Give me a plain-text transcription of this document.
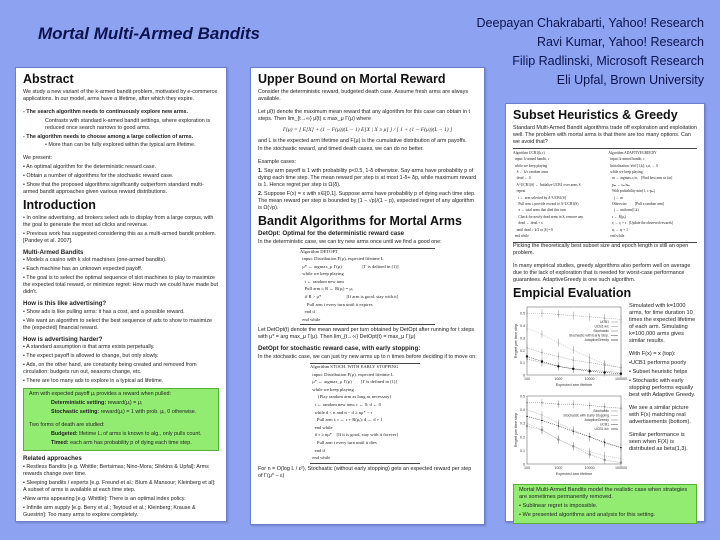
Mortal Multi-Armed Bandits
Deepayan Chakrabarti, Yahoo! Research
Ravi Kumar, Yahoo! Research
Filip Radlinski, Microsoft Research
Eli Upfal, Brown University
Abstract

We study a new variant of the k-armed bandit problem, motivated by e-commerce applications. In our model, arms have a lifetime, after which they expire.

- The search algorithm needs to continuously explore new arms.

Contrasts with standard k-armed bandit settings, where exploration is reduced once search narrows to good arms.

- The algorithm needs to choose among a large collection of arms.

• More than can be fully explored within the typical arm lifetime.

We present:

• An optimal algorithm for the deterministic reward case.

• Obtain a number of algorithms for the stochastic reward case.

• Show that the proposed algorithms significantly outperform standard multi-armed bandit approaches given various reward distributions.

Introduction

• In online advertising, ad brokers select ads to display from a large corpus, with the goal to generate the most ad clicks and revenue.

• Previous work has suggested considering this as a multi-armed bandit problem. [Pandey et al. 2007].

Multi-Armed Bandits

• Models a casino with k slot machines (one-armed bandits).

• Each machine has an unknown expected payoff.

• The goal is to select the optimal sequence of slot machines to play to maximize the expected total reward, or minimize regret: How much we could have made but didn't.

How is this like advertising?

• Show ads is like pulling arms: it has a cost, and a possible reward.

• We want an algorithm to select the best sequence of ads to show to maximize the (expected) financial reward.

How is advertising harder?

• A standard assumption is that arms exists perpetually.

• The expect payoff is allowed to change, but only slowly.

• Ads, on the other hand, are constantly being created and removed from circulation: budgets run out, seasons change, etc.

• There are too many ads to explore in a typical ad lifetime.

Arm with expected payoff μᵢ provides a reward when pulled:

Deterministic setting: reward(μᵢ) = μᵢ

Stochastic setting: reward(μᵢ) = 1 with prob. μᵢ, 0 otherwise.

Two forms of death are studied:

Budgeted: lifetime Lᵢ of arms is known to alg., only pulls count.

Timed: each arm has probability p of dying each time step.

Related approaches

• Restless Bandits [e.g. Whittle; Bertsimas; Nino-Mora; Slivkins & Upfal]: Arms rewards change over time.

• Sleeping bandits / experts [e.g. Freund et al.; Blum & Mansour; Kleinberg et al]: A subset of arms is available at each time step.

•New arms appearing [e.g. Whittle]: There is an optimal index policy.

• Infinite arm supply [e.g. Berry et al.; Teytoud et al.; Kleinberg; Krause & Guestrin]: Too many arms to explore completely.

Upper Bound on Mortal Reward

Consider the deterministic reward, budgeted death case. Assume fresh arms are always available.

Let μ̄(t) denote the maximum mean reward that any algorithm for this case can obtain in t steps. Then lim_{t→∞} μ̄(t) ≤ max_μ Γ(μ) where

Γ(μ) = [ E[X] + (1 − F(μ))(L − 1) E[X | X ≥ μ] ] / [ 1 + (1 − F(μ))(L − 1) ]

and L is the expected arm lifetime and F(μ) is the cumulative distribution of arm payoffs.

In the stochastic reward, and timed death cases, we can do no better.

Example cases:

1. Say arm payoff is 1 with probability p<0.5, 1-δ otherwise. Say arms have probability p of dying each time step. The mean reward per step is at most 1-δ+ δp, while maximum reward is 1. Hence regret per step is Ω(δ).

2. Suppose F(x) = x with x∈[0,1]. Suppose arms have probability p of dying each time step. The mean reward per step is bounded by (1 − √p)/(1 − p), expected regret of any algorithm is Ω(√p).

Bandit Algorithms for Mortal Arms
DetOpt: Optimal for the deterministic reward case

In the deterministic case, we can try new arms once until we find a good one:

Algorithm DETOPT

input: Distribution F(μ), expected lifetime L

μ* ← argmax_μ Γ(μ)                  [Γ is defined in (1)]

while we keep playing

i ← random new arm

Pull arm i; R ← R(μᵢ) = μᵢ

if R > μ*                      [If arm is good, stay with it]

Pull arm i every turn until it expires

end if

end while

Let DetOpt(t) denote the mean reward per turn obtained by DetOpt after running for t steps with μ* = arg max_μ Γ(μ). Then lim_{t→∞} DetOpt(t) = max_μ Γ(μ)

DetOpt for stochastic reward case, with early stopping:

In the stochastic case, we can just try new arms up to n times before deciding if to move on:

Algorithm STOCH. WITH EARLY STOPPING

input: Distribution F(μ), expected lifetime L

μ* ← argmax_μ Γ(μ)        [Γ is defined in (1)]

while we keep playing

[Play random arm as long as necessary]

i ← random new arm; r ← 0; d ← 0

while d < n and n − d ≥ nμ* − r

Pull arm i; r ← r + R(μᵢ); d ← d + 1

end while

if r ≥ nμ*    [If it is good, stay with it forever]

Pull arm i every turn until it dies

end if

end while

For n = O(log L / ε²), Stochastic (without early stopping) gets an expected reward per step of Γ(μ* − ε)

Subset Heuristics & Greedy

Standard Multi-Armed Bandit algorithms trade off exploration and exploitation well. The problem with mortal arms is that there are too many options. Can we avoid that?

Algorithm UCB1(k,c)

input: k-armed bandit, c

while we keep playing

S ← k/c random arms

dead ← 0

A^UCB1(S) ← Initialize UCB1 over arms S

repeat

i ← arm selected by A^UCB1(S)

Pull arm i, provide reward to A^UCB1(S)

x ← total arms that died this turn

Check for newly dead arms in S, remove any

dead ← dead + x

until dead ≥ k/2 or |S| = 0

end while

Algorithm ADAPTIVEGREEDY

input: k-armed bandit, c

Initialization: ∀i∈[1,k], rᵢ,nᵢ ← 0

while we keep playing

m ← argmaxᵢ rᵢ/nᵢ    [Find best arm so far]

pₘ ← rₘ/nₘ

With probability min(1, c·pₘ)

j ← m

Otherwise         [Pull a random arm]

j ← uniform(1,k)

r ← R(μⱼ)

rⱼ ← rⱼ + r   [Update the observed rewards]

nⱼ ← nⱼ + 1

end while

Picking the theoretically best subset size and epoch length is still an open problem.

In many empirical studies, greedy algorithms also perform well on average due to the lack of exploration that is needed for worst-case performance guarantees. AdaptiveGreedy is one such algorithm.

Empicial Evaluation
0
0.1
0.2
0.3
0.4
0.5
100	1000	10000	100000
Expected arm lifetime
Regret per time step
UCB1
UCB1-k/c
Stochastic
Stochastic with Early Stop.
AdaptiveGreedy

0
0.1
0.2
0.3
0.4
0.5
100	1000	10000	100000
Expected arm lifetime
Regret per time step
Stochastic
Stochastic with Early Stopping
AdaptiveGreedy
UCB1
UCB1-k/c

Simulated with k=1000 arms, for time duration 10 times the expected lifetime of each arm. Simulating k=100,000 arms gives similar results.

With F(x) = x (top):

•UCB1 performs poorly

• Subset heuristic helps

• Stochastic with early stopping performs equally best with Adaptive Greedy.

We see a similar picture with F(x) matching real advertisements (bottom).

Similar performance is seen when F(X) is distributed as beta(1,3).

Mortal Multi-Armed Bandits model the realistic case when strategies are sometimes permanently removed.

• Sublinear regret is impossible.

• We presented algorithms and analysis for this setting.
